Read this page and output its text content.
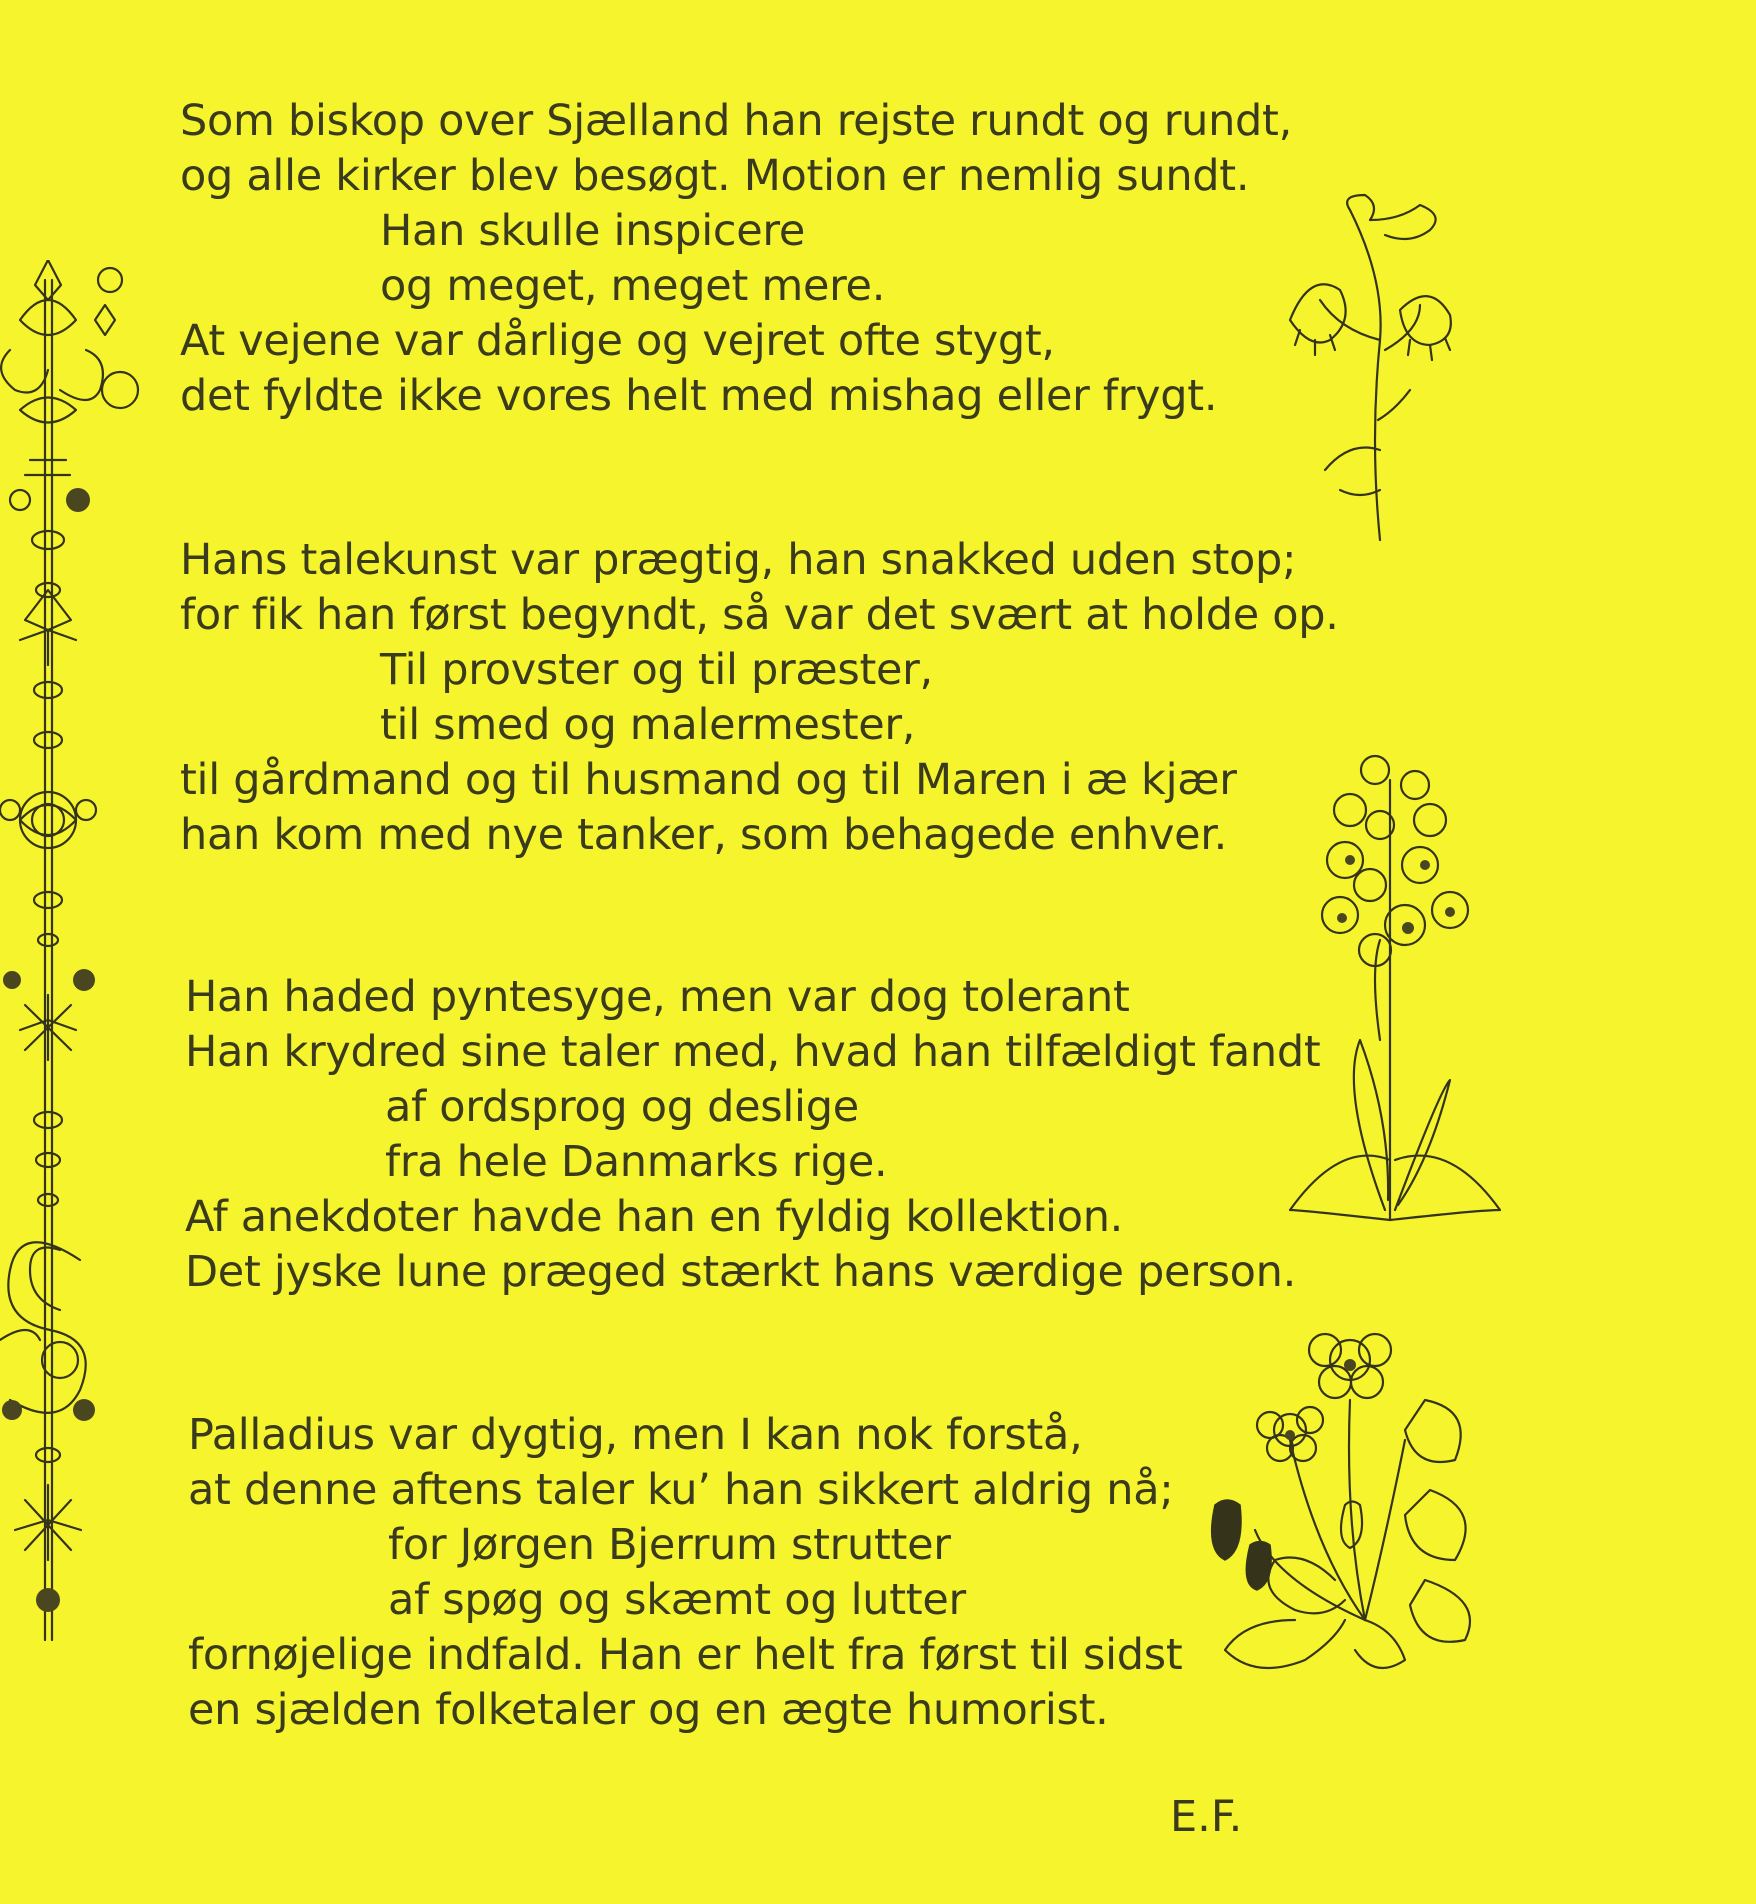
Som biskop over Sjælland han rejste rundt og rundt,
og alle kirker blev besøgt. Motion er nemlig sundt.
Han skulle inspicere
og meget, meget mere.
At vejene var dårlige og vejret ofte stygt,
det fyldte ikke vores helt med mishag eller frygt.
Hans talekunst var prægtig, han snakked uden stop;
for fik han først begyndt, så var det svært at holde op.
Til provster og til præster,
til smed og malermester,
til gårdmand og til husmand og til Maren i æ kjær
han kom med nye tanker, som behagede enhver.
Han haded pyntesyge, men var dog tolerant
Han krydred sine taler med, hvad han tilfældigt fandt
af ordsprog og deslige
fra hele Danmarks rige.
Af anekdoter havde han en fyldig kollektion.
Det jyske lune præged stærkt hans værdige person.
Palladius var dygtig, men I kan nok forstå,
at denne aftens taler ku’ han sikkert aldrig nå;
for Jørgen Bjerrum strutter
af spøg og skæmt og lutter
fornøjelige indfald. Han er helt fra først til sidst
en sjælden folketaler og en ægte humorist.
E.F.
